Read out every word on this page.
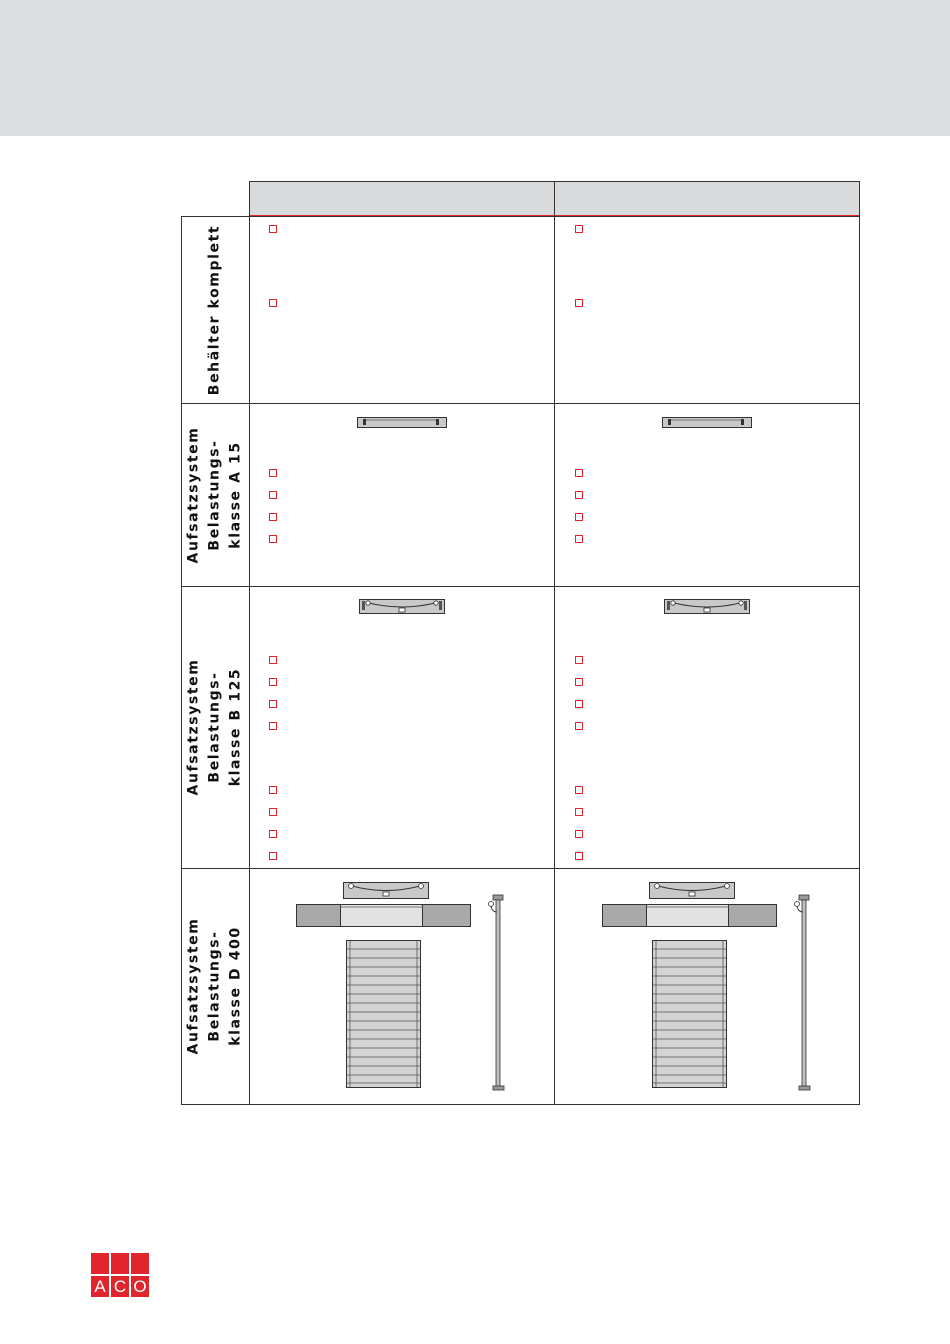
Behälter komplett
Aufsatzsystem Belastungs- klasse A 15
Aufsatzsystem Belastungs- klasse B 125
Aufsatzsystem Belastungs- klasse D 400
A C O
